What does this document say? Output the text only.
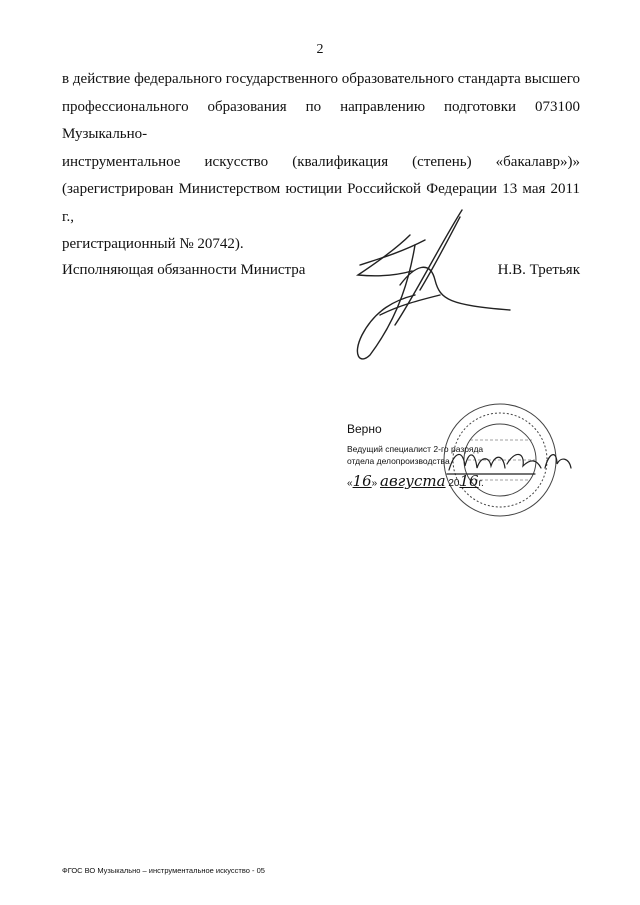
2
в действие федерального государственного образовательного стандарта высшего
профессионального образования по направлению подготовки 073100 Музыкально-
инструментальное искусство (квалификация (степень) «бакалавр»)»
(зарегистрирован Министерством юстиции Российской Федерации 13 мая 2011 г.,
регистрационный № 20742).
Исполняющая обязанности Министра	Н.В. Третьяк
Верно
Ведущий специалист 2-го разряда
отдела делопроизводства
«16» августа 2016г.
ФГОС ВО Музыкально – инструментальное искусство - 05
